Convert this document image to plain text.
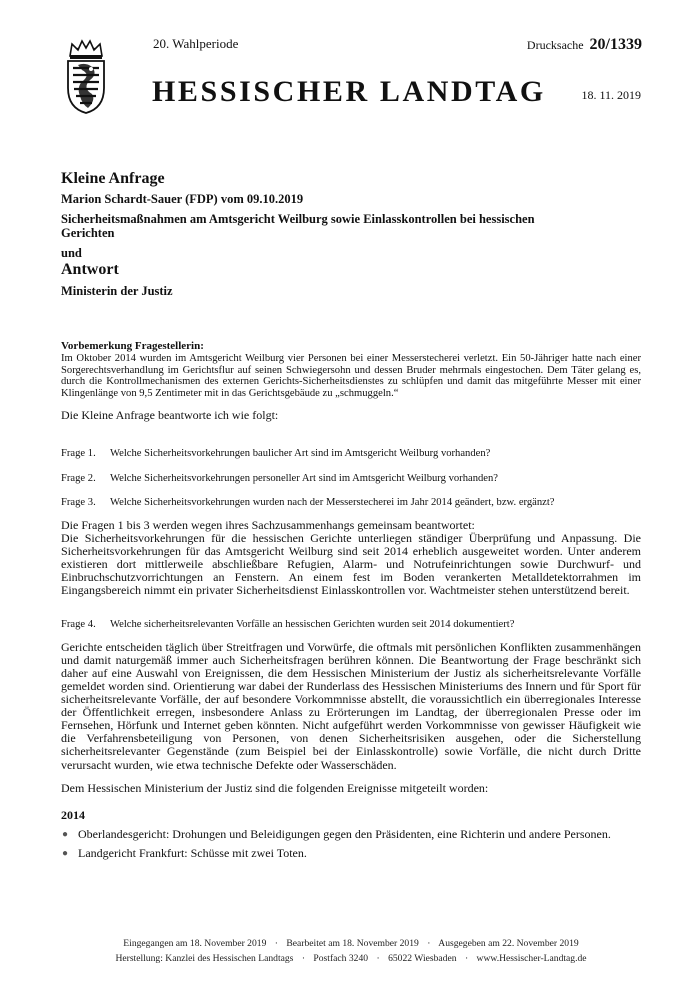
20. Wahlperiode
HESSISCHER LANDTAG
Drucksache 20/1339
18. 11. 2019
Kleine Anfrage
Marion Schardt-Sauer (FDP) vom 09.10.2019
Sicherheitsmaßnahmen am Amtsgericht Weilburg sowie Einlasskontrollen bei hessischen Gerichten
und
Antwort
Ministerin der Justiz
Vorbemerkung Fragestellerin:
Im Oktober 2014 wurden im Amtsgericht Weilburg vier Personen bei einer Messerstecherei verletzt. Ein 50-Jähriger hatte nach einer Sorgerechtsverhandlung im Gerichtsflur auf seinen Schwiegersohn und dessen Bruder mehrmals eingestochen. Dem Täter gelang es, durch die Kontrollmechanismen des externen Gerichts-Sicherheitsdienstes zu schlüpfen und damit das mitgeführte Messer mit einer Klingenlänge von 9,5 Zentimeter mit in das Gerichtsgebäude zu „schmuggeln.“
Die Kleine Anfrage beantworte ich wie folgt:
Frage 1.	Welche Sicherheitsvorkehrungen baulicher Art sind im Amtsgericht Weilburg vorhanden?
Frage 2.	Welche Sicherheitsvorkehrungen personeller Art sind im Amtsgericht Weilburg vorhanden?
Frage 3.	Welche Sicherheitsvorkehrungen wurden nach der Messerstecherei im Jahr 2014 geändert, bzw. ergänzt?
Die Fragen 1 bis 3 werden wegen ihres Sachzusammenhangs gemeinsam beantwortet:
Die Sicherheitsvorkehrungen für die hessischen Gerichte unterliegen ständiger Überprüfung und Anpassung. Die Sicherheitsvorkehrungen für das Amtsgericht Weilburg sind seit 2014 erheblich ausgeweitet worden. Unter anderem existieren dort mittlerweile abschließbare Refugien, Alarm- und Notrufeinrichtungen sowie Durchwurf- und Einbruchschutzvorrichtungen an Fenstern. An einem fest im Boden verankerten Metalldetektorrahmen im Eingangsbereich nimmt ein privater Sicherheitsdienst Einlasskontrollen vor. Wachtmeister stehen unterstützend bereit.
Frage 4.	Welche sicherheitsrelevanten Vorfälle an hessischen Gerichten wurden seit 2014 dokumentiert?
Gerichte entscheiden täglich über Streitfragen und Vorwürfe, die oftmals mit persönlichen Konflikten zusammenhängen und damit naturgemäß immer auch Sicherheitsfragen berühren können. Die Beantwortung der Frage beschränkt sich daher auf eine Auswahl von Ereignissen, die dem Hessischen Ministerium der Justiz als sicherheitsrelevante Vorfälle gemeldet worden sind. Orientierung war dabei der Runderlass des Hessischen Ministeriums des Innern und für Sport für sicherheitsrelevante Vorfälle, der auf besondere Vorkommnisse abstellt, die voraussichtlich ein überregionales Interesse der Öffentlichkeit erregen, insbesondere Anlass zu Erörterungen im Landtag, der überregionalen Presse oder im Fernsehen, Hörfunk und Internet geben könnten. Nicht aufgeführt werden Vorkommnisse von gewisser Häufigkeit wie die Verfahrensbeteiligung von Personen, von denen Sicherheitsrisiken ausgehen, oder die Sicherstellung sicherheitsrelevanter Gegenstände (zum Beispiel bei der Einlasskontrolle) sowie Vorfälle, die nicht durch Dritte verursacht wurden, wie etwa technische Defekte oder Wasserschäden.
Dem Hessischen Ministerium der Justiz sind die folgenden Ereignisse mitgeteilt worden:
2014
● Oberlandesgericht: Drohungen und Beleidigungen gegen den Präsidenten, eine Richterin und andere Personen.
● Landgericht Frankfurt: Schüsse mit zwei Toten.
Eingegangen am 18. November 2019 · Bearbeitet am 18. November 2019 · Ausgegeben am 22. November 2019
Herstellung: Kanzlei des Hessischen Landtags · Postfach 3240 · 65022 Wiesbaden · www.Hessischer-Landtag.de
